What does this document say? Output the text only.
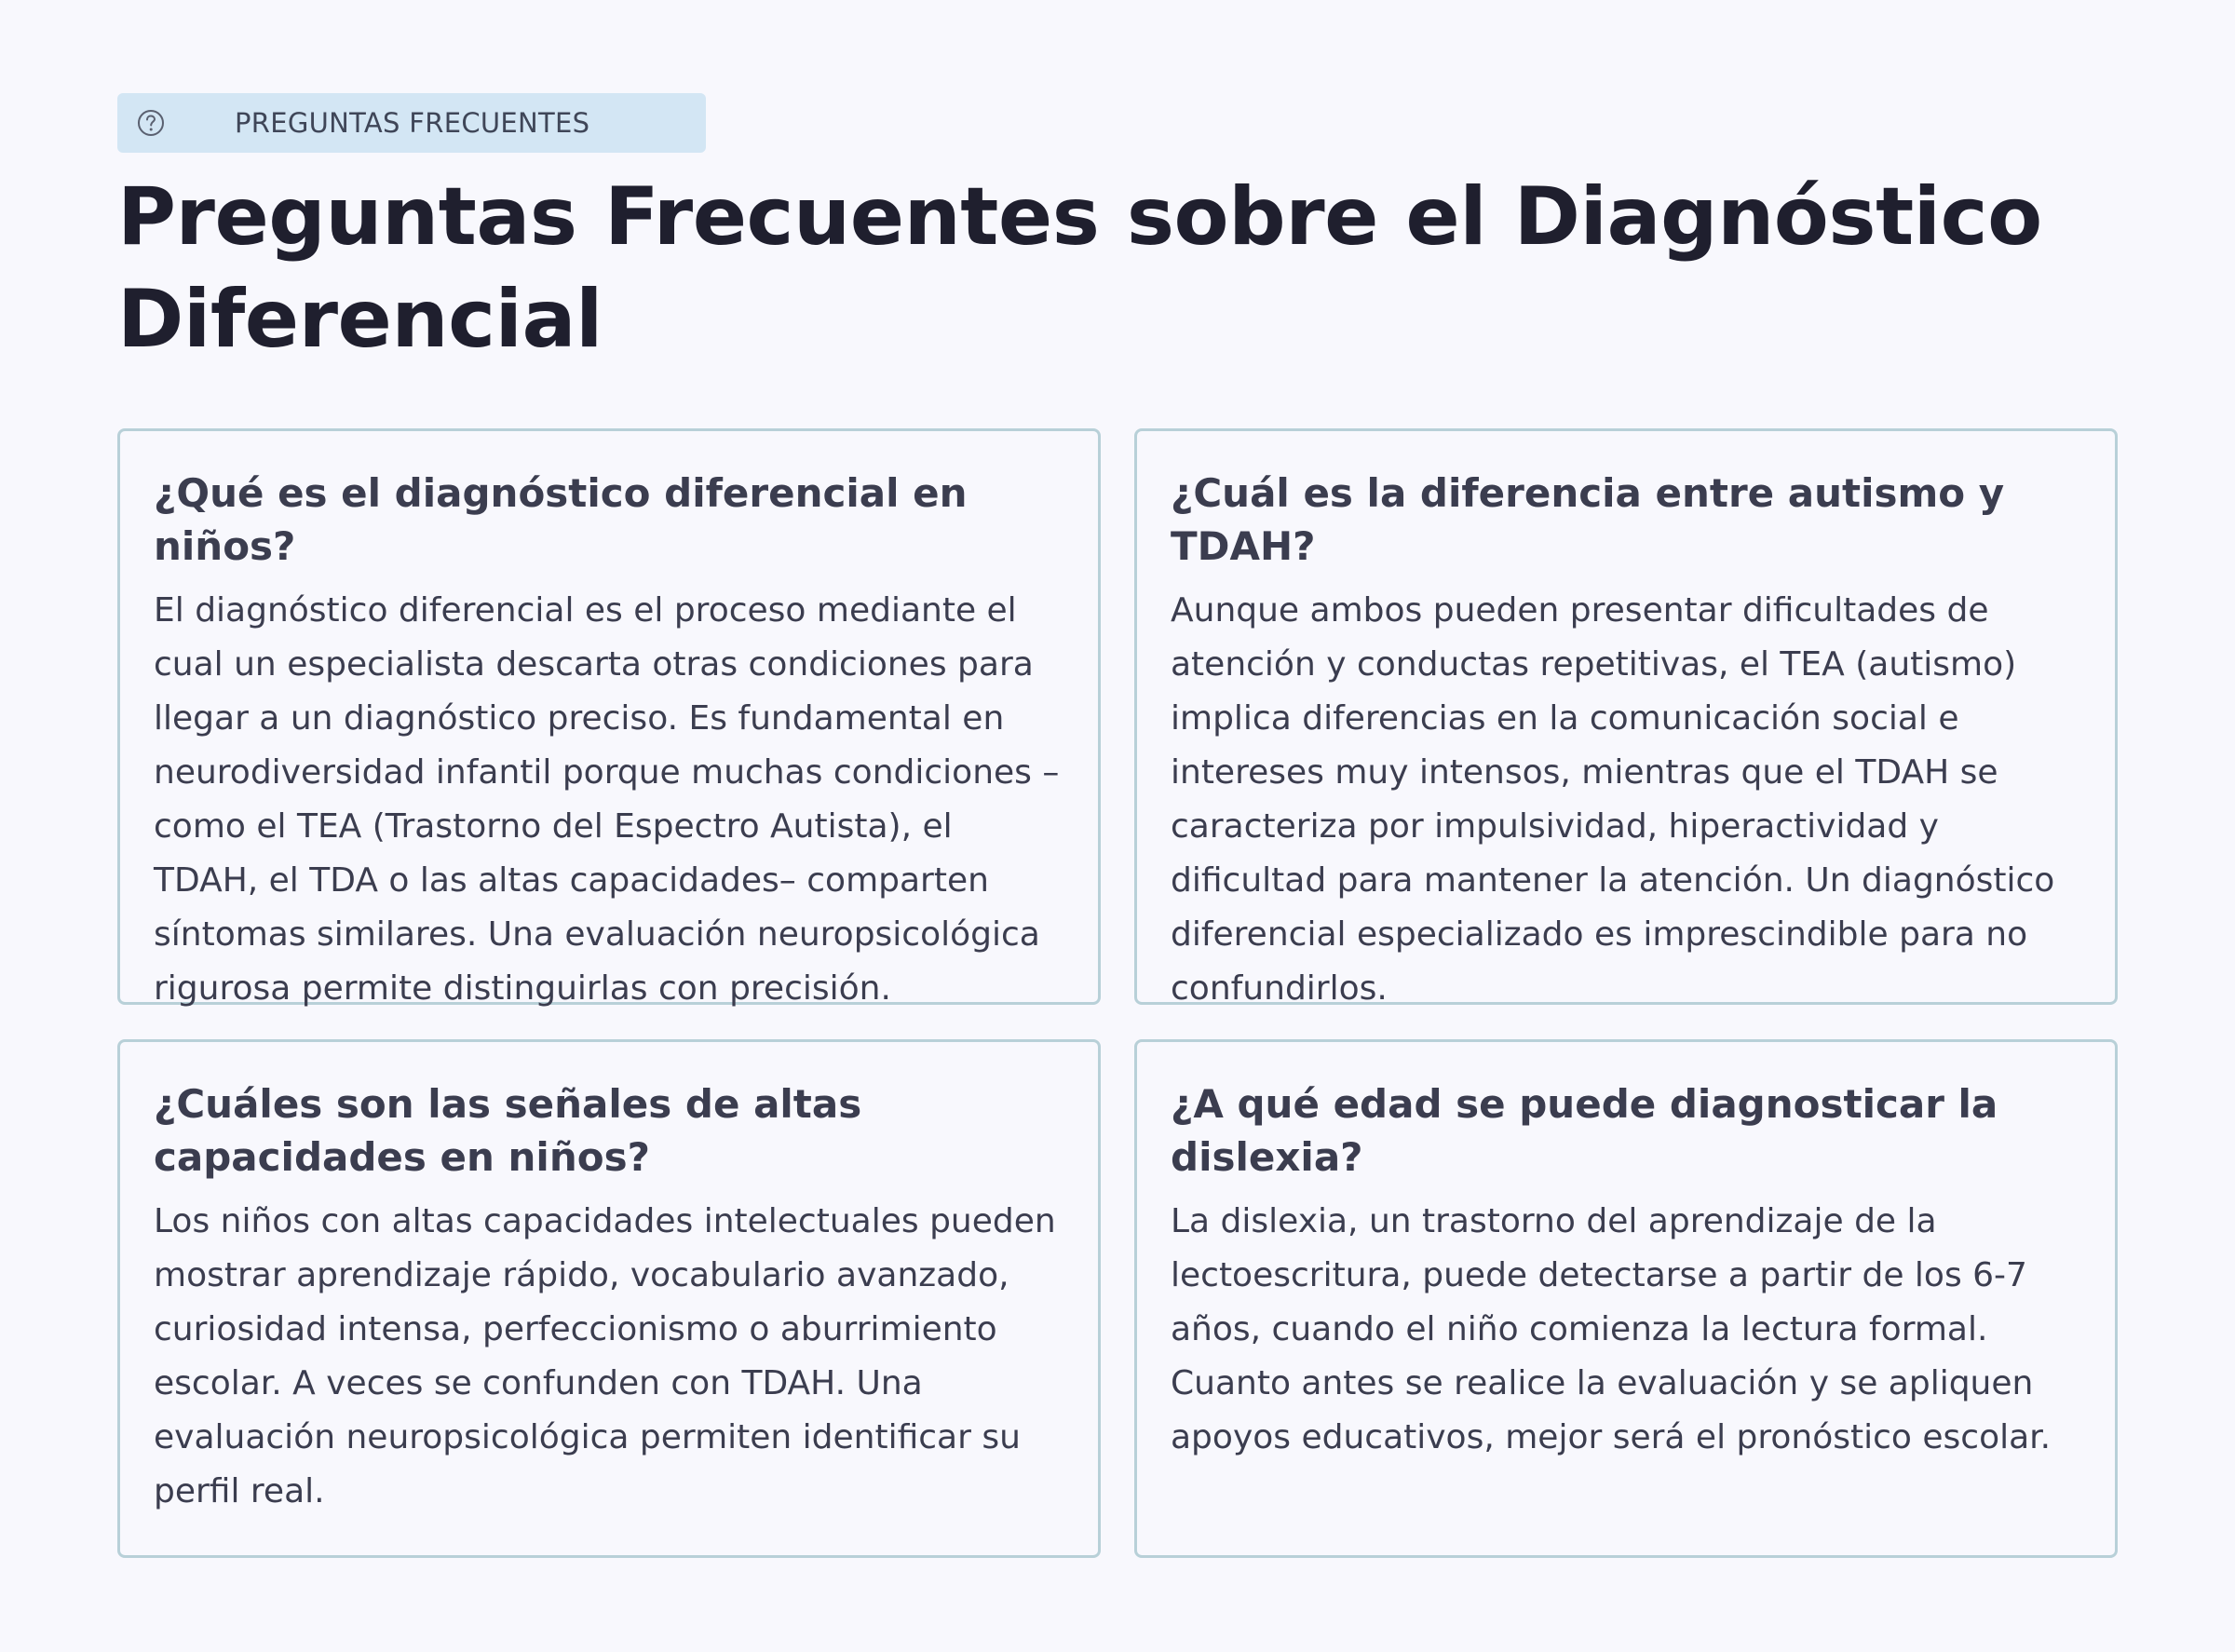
PREGUNTAS FRECUENTES
Preguntas Frecuentes sobre el Diagnóstico Diferencial
¿Qué es el diagnóstico diferencial en niños?

El diagnóstico diferencial es el proceso mediante el cual un especialista descarta otras condiciones para llegar a un diagnóstico preciso. Es fundamental en neurodiversidad infantil porque muchas condiciones –como el TEA (Trastorno del Espectro Autista), el TDAH, el TDA o las altas capacidades– comparten síntomas similares. Una evaluación neuropsicológica rigurosa permite distinguirlas con precisión.

¿Cuál es la diferencia entre autismo y TDAH?

Aunque ambos pueden presentar dificultades de atención y conductas repetitivas, el TEA (autismo) implica diferencias en la comunicación social e intereses muy intensos, mientras que el TDAH se caracteriza por impulsividad, hiperactividad y dificultad para mantener la atención. Un diagnóstico diferencial especializado es imprescindible para no confundirlos.

¿Cuáles son las señales de altas capacidades en niños?

Los niños con altas capacidades intelectuales pueden mostrar aprendizaje rápido, vocabulario avanzado, curiosidad intensa, perfeccionismo o aburrimiento escolar. A veces se confunden con TDAH. Una evaluación neuropsicológica permiten identificar su perfil real.

¿A qué edad se puede diagnosticar la dislexia?

La dislexia, un trastorno del aprendizaje de la lectoescritura, puede detectarse a partir de los 6-7 años, cuando el niño comienza la lectura formal. Cuanto antes se realice la evaluación y se apliquen apoyos educativos, mejor será el pronóstico escolar.
